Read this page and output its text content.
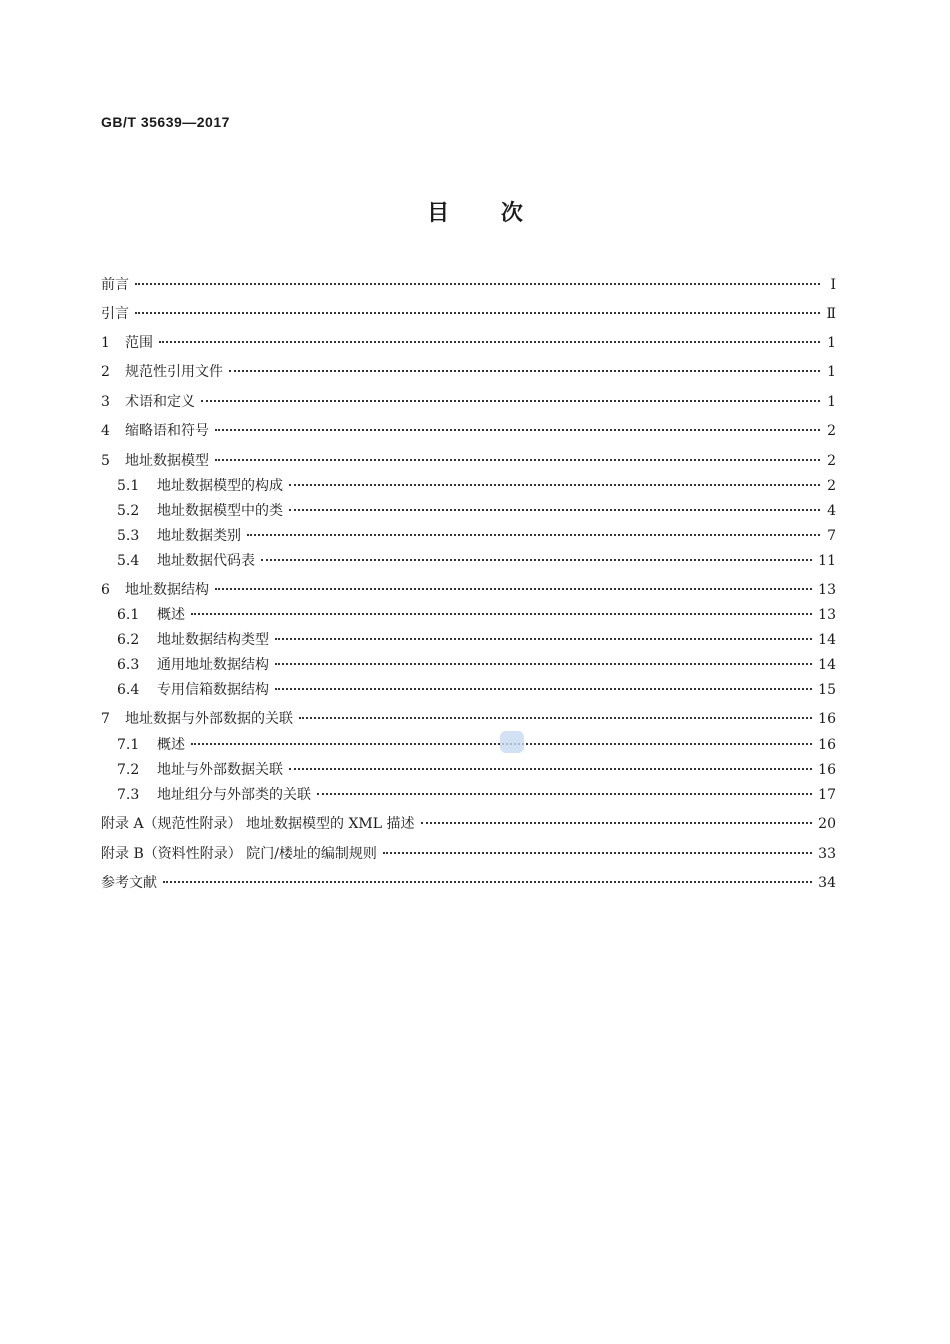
GB/T 35639—2017
目 次
前言	Ⅰ
引言	Ⅱ
1	范围	1
2	规范性引用文件	1
3	术语和定义	1
4	缩略语和符号	2
5	地址数据模型	2
5.1	地址数据模型的构成	2
5.2	地址数据模型中的类	4
5.3	地址数据类别	7
5.4	地址数据代码表	11
6	地址数据结构	13
6.1	概述	13
6.2	地址数据结构类型	14
6.3	通用地址数据结构	14
6.4	专用信箱数据结构	15
7	地址数据与外部数据的关联	16
7.1	概述	16
7.2	地址与外部数据关联	16
7.3	地址组分与外部类的关联	17
附录 A（规范性附录） 地址数据模型的 XML 描述	20
附录 B（资料性附录） 院门/楼址的编制规则	33
参考文献	34
